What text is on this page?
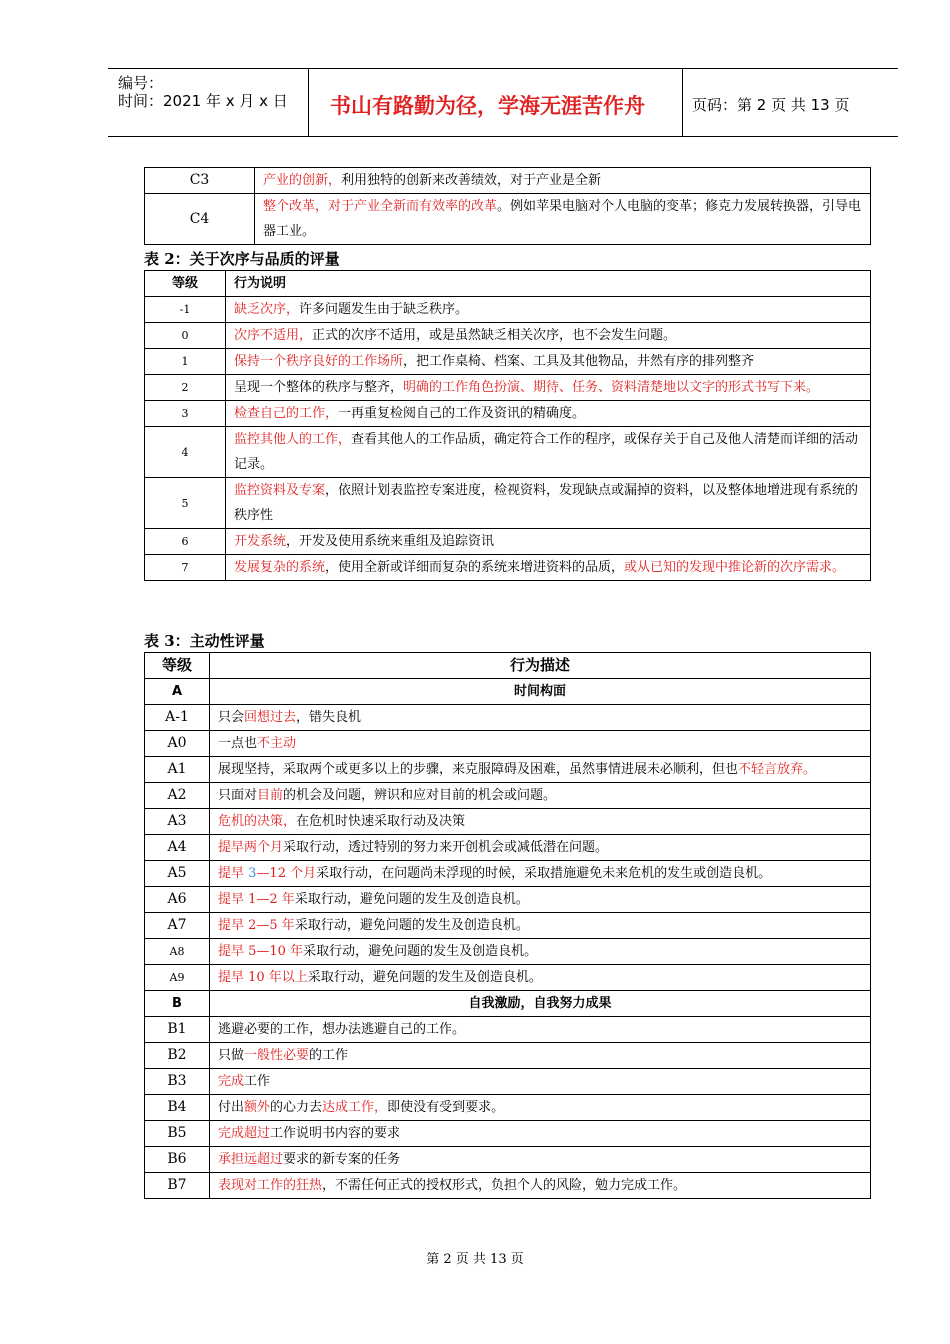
编号：
时间：2021 年 x 月 x 日 书山有路勤为径，学海无涯苦作舟	页码：第 2 页 共 13 页
C3	产业的创新，利用独特的创新来改善绩效，对于产业是全新
C4	整个改革，对于产业全新而有效率的改革。例如苹果电脑对个人电脑的变革；修克力发展转换器，引导电器工业。
表 2：关于次序与品质的评量
等级	行为说明
-1	缺乏次序，许多问题发生由于缺乏秩序。
0	次序不适用，正式的次序不适用，或是虽然缺乏相关次序，也不会发生问题。
1	保持一个秩序良好的工作场所，把工作桌椅、档案、工具及其他物品，井然有序的排列整齐
2	呈现一个整体的秩序与整齐，明确的工作角色扮演、期待、任务、资料清楚地以文字的形式书写下来。
3	检查自己的工作，一再重复检阅自己的工作及资讯的精确度。
4	监控其他人的工作，查看其他人的工作品质，确定符合工作的程序，或保存关于自己及他人清楚而详细的活动记录。
5	监控资料及专案，依照计划表监控专案进度，检视资料，发现缺点或漏掉的资料，以及整体地增进现有系统的秩序性
6	开发系统，开发及使用系统来重组及追踪资讯
7	发展复杂的系统，使用全新或详细而复杂的系统来增进资料的品质，或从已知的发现中推论新的次序需求。
表 3：主动性评量
等级	行为描述
A	时间构面
A-1	只会回想过去，错失良机
A0	一点也不主动
A1	展现坚持，采取两个或更多以上的步骤，来克服障碍及困难，虽然事情进展未必顺利，但也不轻言放弃。
A2	只面对目前的机会及问题，辨识和应对目前的机会或问题。
A3	危机的决策，在危机时快速采取行动及决策
A4	提早两个月采取行动，透过特别的努力来开创机会或减低潜在问题。
A5	提早 3—12 个月采取行动，在问题尚未浮现的时候，采取措施避免未来危机的发生或创造良机。
A6	提早 1—2 年采取行动，避免问题的发生及创造良机。
A7	提早 2—5 年采取行动，避免问题的发生及创造良机。
A8	提早 5—10 年采取行动，避免问题的发生及创造良机。
A9	提早 10 年以上采取行动，避免问题的发生及创造良机。
B	自我激励，自我努力成果
B1	逃避必要的工作，想办法逃避自己的工作。
B2	只做一般性必要的工作
B3	完成工作
B4	付出额外的心力去达成工作，即使没有受到要求。
B5	完成超过工作说明书内容的要求
B6	承担远超过要求的新专案的任务
B7	表现对工作的狂热，不需任何正式的授权形式，负担个人的风险，勉力完成工作。
第 2 页 共 13 页
